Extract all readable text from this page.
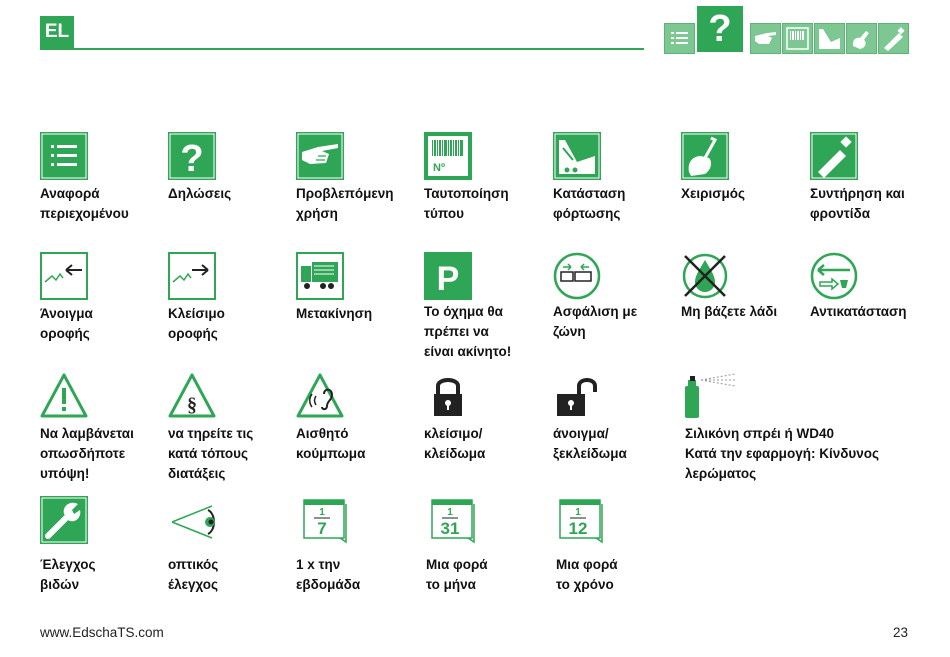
EL	?
Αναφορά
περιεχομένου
?
Δηλώσεις	Προβλεπόμενη
χρήση
Nº
Ταυτοποίηση
τύπου
Κατάσταση
φόρτωσης
Χειρισμός	Συντήρηση και
φροντίδα
Άνοιγμα
οροφής
Κλείσιμο
οροφής
Μετακίνηση
P
Το όχημα θα
πρέπει να
είναι ακίνητο!
Ασφάλιση με
ζώνη
Μη βάζετε λάδι	Αντικατάσταση
Να λαμβάνεται
οπωσδήποτε
υπόψη!
§
να τηρείτε τις
κατά τόπους
διατάξεις
Αισθητό
κούμπωμα
κλείσιμο/
κλείδωμα
άνοιγμα/
ξεκλείδωμα
Σιλικόνη σπρέι ή WD40
Κατά την εφαρμογή: Κίνδυνος
λερώματος
Έλεγχος
βιδών
οπτικός
έλεγχος
1
7
1 x την
εβδομάδα
1
31
Μια φορά
το μήνα
1
12
Μια φορά
το χρόνο
www.EdschaTS.com	23
